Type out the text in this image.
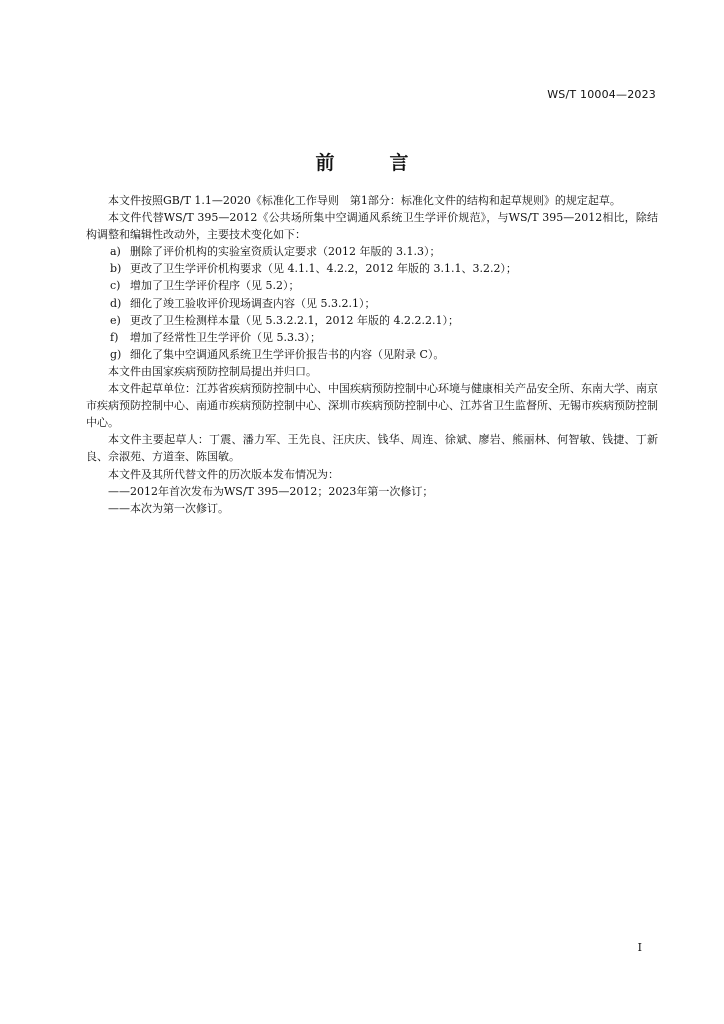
WS/T 10004—2023
前　言

本文件按照GB/T 1.1—2020《标准化工作导则　第1部分：标准化文件的结构和起草规则》的规定起草。

本文件代替WS/T 395—2012《公共场所集中空调通风系统卫生学评价规范》，与WS/T 395—2012相比，除结构调整和编辑性改动外，主要技术变化如下：

a) 删除了评价机构的实验室资质认定要求（2012 年版的 3.1.3）；

b) 更改了卫生学评价机构要求（见 4.1.1、4.2.2，2012 年版的 3.1.1、3.2.2）；

c) 增加了卫生学评价程序（见 5.2）；

d) 细化了竣工验收评价现场调查内容（见 5.3.2.1）；

e) 更改了卫生检测样本量（见 5.3.2.2.1，2012 年版的 4.2.2.2.1）；

f)	增加了经常性卫生学评价（见 5.3.3）；

g) 细化了集中空调通风系统卫生学评价报告书的内容（见附录 C）。

本文件由国家疾病预防控制局提出并归口。

本文件起草单位：江苏省疾病预防控制中心、中国疾病预防控制中心环境与健康相关产品安全所、东南大学、南京市疾病预防控制中心、南通市疾病预防控制中心、深圳市疾病预防控制中心、江苏省卫生监督所、无锡市疾病预防控制中心。

本文件主要起草人：丁震、潘力军、王先良、汪庆庆、钱华、周连、徐斌、廖岩、熊丽林、何智敏、钱捷、丁新良、佘淑苑、方道奎、陈国敏。

本文件及其所代替文件的历次版本发布情况为：

——2012年首次发布为WS/T 395—2012；2023年第一次修订；

——本次为第一次修订。

I
